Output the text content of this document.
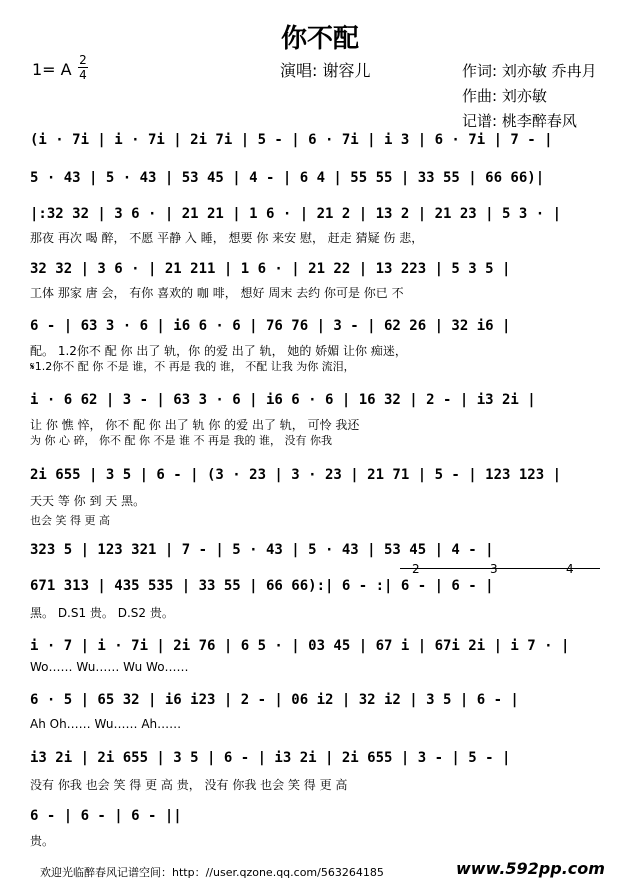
你不配
1= A 2
4	演唱: 谢容儿	作词: 刘亦敏 乔冉月
作曲: 刘亦敏
记谱: 桃李醉春风
(i · 7i | i · 7i | 2i 7i | 5 - | 6 · 7i | i 3 | 6 · 7i | 7 - |
5 · 43 | 5 · 43 | 53 45 | 4 - | 6 4 | 55 55 | 33 55 | 66 66)|
|:32 32 | 3 6 · | 21 21 | 1 6 · | 21 2 | 13 2 | 21 23 | 5 3 · |
那夜 再次 喝 醉， 不愿 平静 入 睡， 想要 你 来安 慰， 赶走 猜疑 伤 悲，
32 32 | 3 6 · | 21 211 | 1 6 · | 21 22 | 13 223 | 5 3 5 |
工体 那家 唐 会， 有你 喜欢的 咖 啡， 想好 周末 去约 你可是 你已 不
6 - | 63 3 · 6 | i6 6 · 6 | 76 76 | 3 - | 62 26 | 32 i6 |
配。 1.2你不 配 你 出了 轨，你 的爱 出了 轨， 她的 娇媚 让你 痴迷，
𝄋1.2你不 配 你 不是 谁，不 再是 我的 谁， 不配 让我 为你 流泪，
i · 6 62 | 3 - | 63 3 · 6 | i6 6 · 6 | 16 32 | 2 - | i3 2i |
让 你 憔 悴， 你不 配 你 出了 轨 你 的爱 出了 轨， 可怜 我还
为 你 心 碎， 你不 配 你 不是 谁 不 再是 我的 谁， 没有 你我
2i 655 | 3 5 | 6 - | (3 · 23 | 3 · 23 | 21 71 | 5 - | 123 123 |
天天 等 你 到 天 黑。
也会 笑 得 更 高
323 5 | 123 321 | 7 - | 5 · 43 | 5 · 43 | 53 45 | 4 - |
671 313 | 435 535 | 33 55 | 66 66):| 6 - :| 6 - | 6 - |
黑。 D.S1 贵。 D.S2 贵。
2	3	4
i · 7 | i · 7i | 2i 76 | 6 5 · | 03 45 | 67 i | 67i 2i | i 7 · |
Wo…… Wu…… Wu Wo……
6 · 5 | 65 32 | i6 i23 | 2 - | 06 i2 | 32 i2 | 3 5 | 6 - |
Ah Oh…… Wu…… Ah……
i3 2i | 2i 655 | 3 5 | 6 - | i3 2i | 2i 655 | 3 - | 5 - |
没有 你我 也会 笑 得 更 高 贵， 没有 你我 也会 笑 得 更 高
6 - | 6 - | 6 - ||
贵。
欢迎光临醉春风记谱空间：http：//user.qzone.qq.com/563264185	www.592pp.com
